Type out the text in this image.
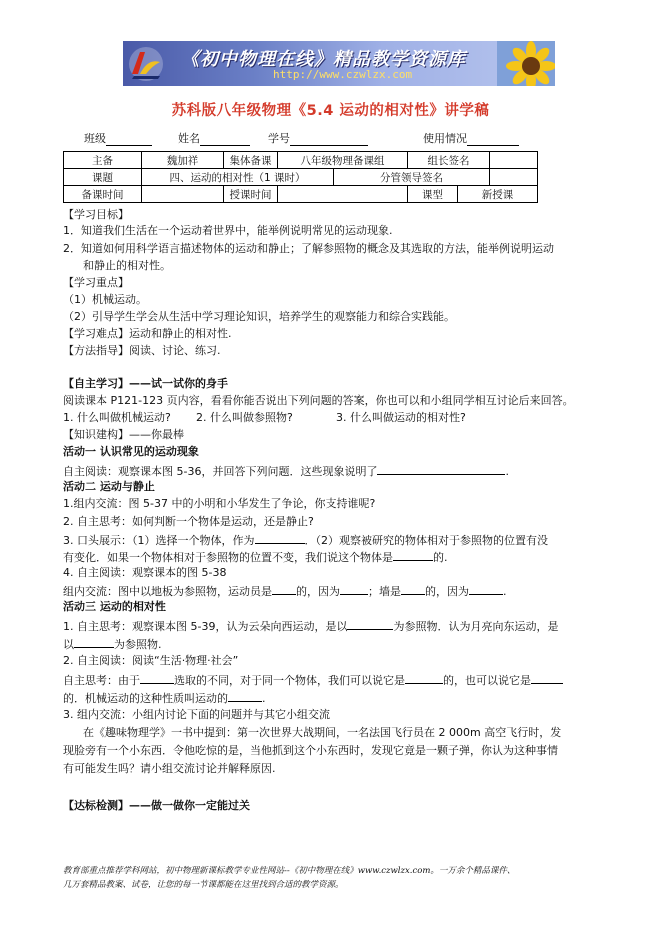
《初中物理在线》精品教学资源库
http://www.czwlzx.com
苏科版八年级物理《5.4 运动的相对性》讲学稿
班级	姓名	学号	使用情况
主备	魏加祥	集体备课	八年级物理备课组		组长签名		
课题	四、运动的相对性（1 课时）			分管领导签名			
备课时间		授课时间			课型	新授课	
【学习目标】
1．知道我们生活在一个运动着世界中，能举例说明常见的运动现象.
2．知道如何用科学语言描述物体的运动和静止；了解参照物的概念及其选取的方法，能举例说明运动
和静止的相对性。
【学习重点】
（1）机械运动。
（2）引导学生学会从生活中学习理论知识，培养学生的观察能力和综合实践能。
【学习难点】运动和静止的相对性.
【方法指导】阅读、讨论、练习.
【自主学习】——试一试你的身手
阅读课本 P121-123 页内容，看看你能否说出下列问题的答案，你也可以和小组同学相互讨论后来回答。
1. 什么叫做机械运动? 2. 什么叫做参照物?	3. 什么叫做运动的相对性?
【知识建构】——你最棒
活动一 认识常见的运动现象
自主阅读：观察课本图 5-36，并回答下列问题．这些现象说明了	.
活动二 运动与静止
1.组内交流：图 5-37 中的小明和小华发生了争论，你支持谁呢?
2. 自主思考：如何判断一个物体是运动，还是静止?
3. 口头展示：（1）选择一个物体，作为	．（2）观察被研究的物体相对于参照物的位置有没
有变化．如果一个物体相对于参照物的位置不变，我们说这个物体是	的.
4. 自主阅读：观察课本的图 5-38
组内交流：图中以地板为参照物，运动员是 的，因为	；墙是 的，因为	.
活动三 运动的相对性
1. 自主思考：观察课本图 5-39，认为云朵向西运动，是以	为参照物．认为月亮向东运动，是
以	为参照物.
2. 自主阅读：阅读“生活·物理·社会”
自主思考：由于	选取的不同，对于同一个物体，我们可以说它是	的，也可以说它是
的．机械运动的这种性质叫运动的	.
3. 组内交流：小组内讨论下面的问题并与其它小组交流
在《趣味物理学》一书中提到：第一次世界大战期间，一名法国飞行员在 2 000m 高空飞行时，发
现脸旁有一个小东西．令他吃惊的是，当他抓到这个小东西时，发现它竟是一颗子弹，你认为这种事情
有可能发生吗？请小组交流讨论并解释原因.
【达标检测】——做一做你一定能过关
教育部重点推荐学科网站，初中物理新课标教学专业性网站--《初中物理在线》www.czwlzx.com。一万余个精品课件、
几万套精品教案、试卷，让您的每一节课都能在这里找到合适的教学资源。
